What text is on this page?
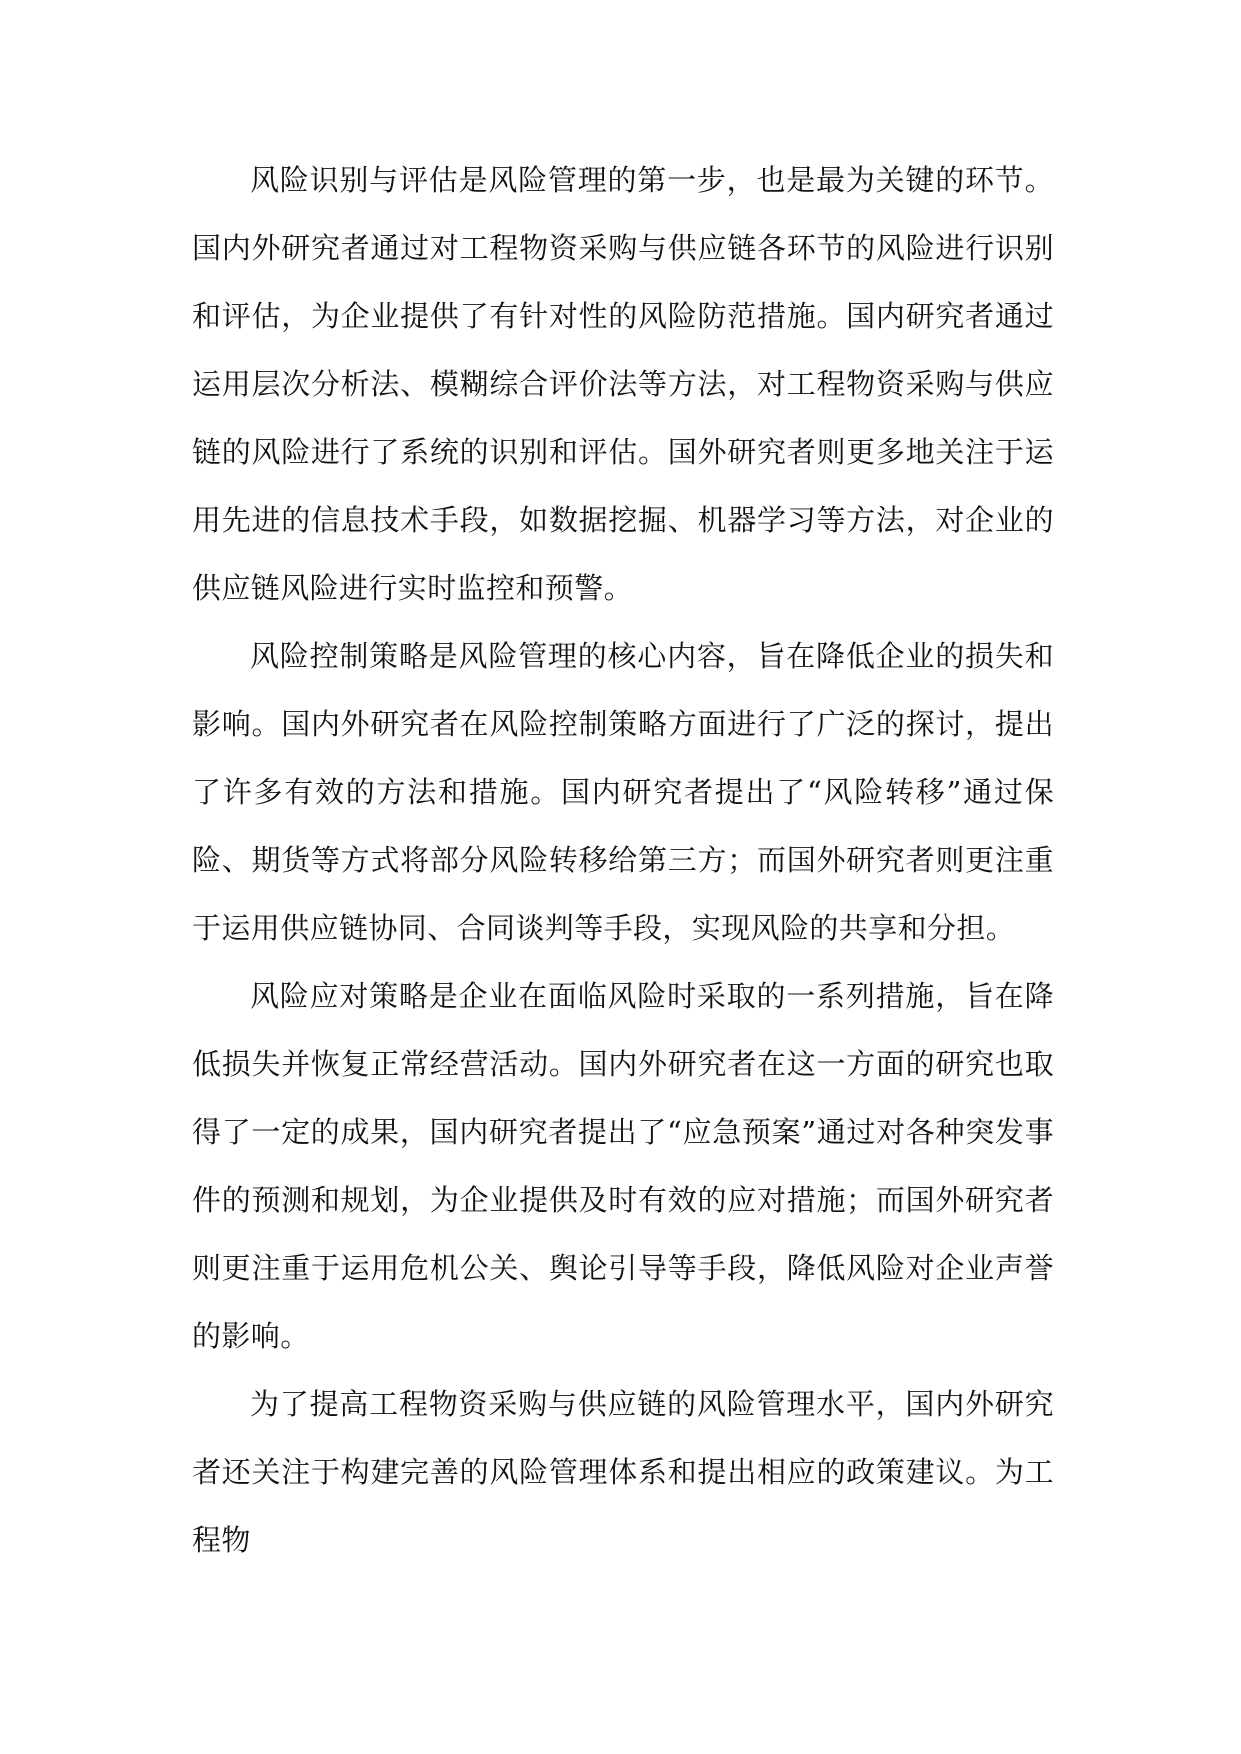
风险识别与评估是风险管理的第一步，也是最为关键的环节。国内外研究者通过对工程物资采购与供应链各环节的风险进行识别和评估，为企业提供了有针对性的风险防范措施。国内研究者通过运用层次分析法、模糊综合评价法等方法，对工程物资采购与供应链的风险进行了系统的识别和评估。国外研究者则更多地关注于运用先进的信息技术手段，如数据挖掘、机器学习等方法，对企业的供应链风险进行实时监控和预警。

风险控制策略是风险管理的核心内容，旨在降低企业的损失和影响。国内外研究者在风险控制策略方面进行了广泛的探讨，提出了许多有效的方法和措施。国内研究者提出了“风险转移”通过保险、期货等方式将部分风险转移给第三方；而国外研究者则更注重于运用供应链协同、合同谈判等手段，实现风险的共享和分担。

风险应对策略是企业在面临风险时采取的一系列措施，旨在降低损失并恢复正常经营活动。国内外研究者在这一方面的研究也取得了一定的成果，国内研究者提出了“应急预案”通过对各种突发事件的预测和规划，为企业提供及时有效的应对措施；而国外研究者则更注重于运用危机公关、舆论引导等手段，降低风险对企业声誉的影响。

为了提高工程物资采购与供应链的风险管理水平，国内外研究者还关注于构建完善的风险管理体系和提出相应的政策建议。为工程物
